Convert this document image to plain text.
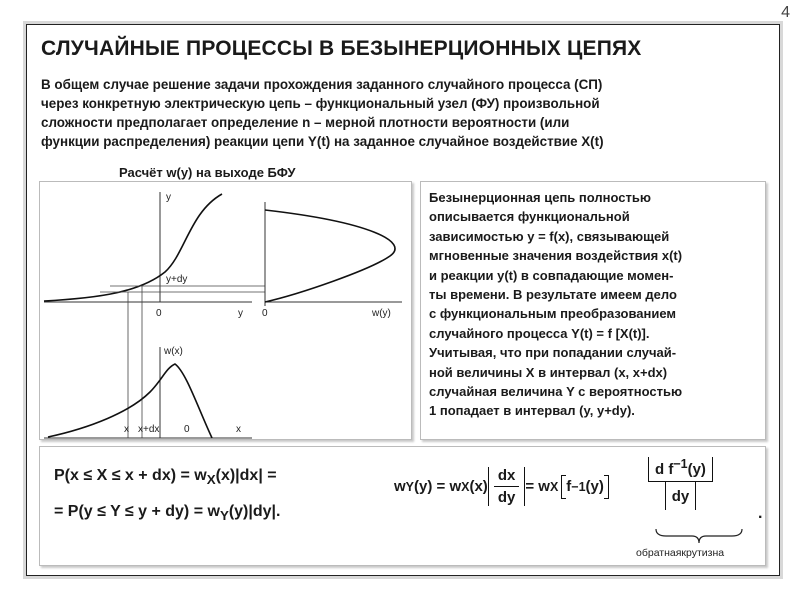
4
СЛУЧАЙНЫЕ ПРОЦЕССЫ В БЕЗЫНЕРЦИОННЫХ ЦЕПЯХ
В общем случае решение задачи прохождения заданного случайного процесса (СП)
через конкретную электрическую цепь – функциональный узел (ФУ) произвольной
сложности предполагает определение n – мерной плотности вероятности (или
функции распределения) реакции цепи Y(t) на заданное случайное воздействие X(t)
Расчёт w(y) на выходе БФУ
y
y+dy
0	y 0	w(y)
w(x)
x x+dx 0	x
Безынерционная цепь полностью
описывается функциональной
зависимостью y = f(x), связывающей
мгновенные значения воздействия x(t)
и реакции y(t) в совпадающие момен-
ты времени. В результате имеем дело
с функциональным преобразованием
случайного процесса Y(t) = f [X(t)].
Учитывая, что при попадании случай-
ной величины X в интервал (x, x+dx)
случайная величина Y с вероятностью
1 попадает в интервал (y, y+dy).
$P(x \le X \le x + dx) = w_X(x)|dx|$ =
= $P(y \le Y \le y + dy) = w_Y(y)|dy|$.
w Y (y) = w X $(x) \frac{dx}{dy} = w$ X f −1 (y)	$\frac{d f^{-1}(y)}{dy}$
.
обратнаякрутизна
